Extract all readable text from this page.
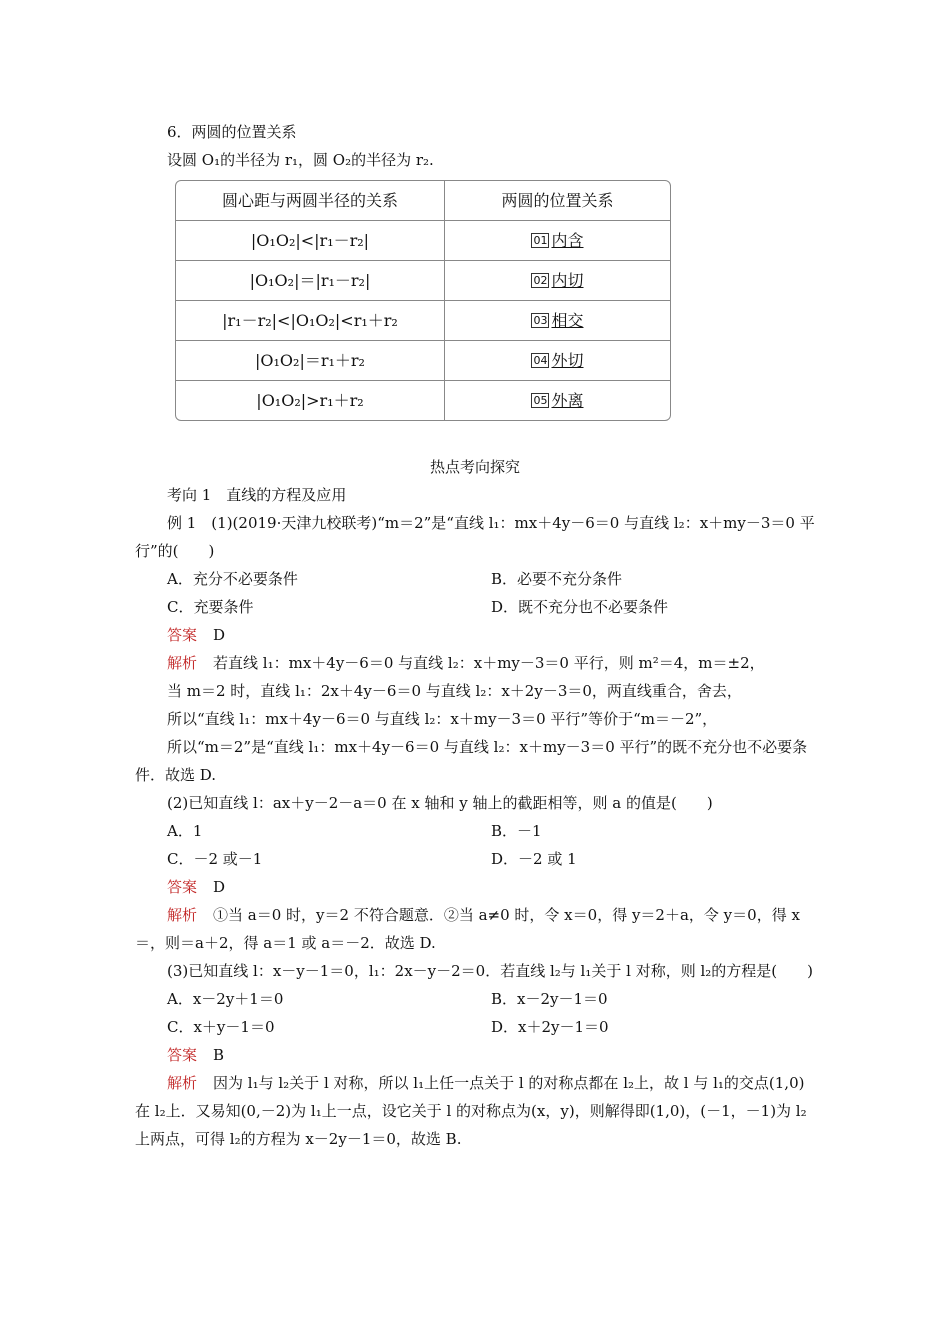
6．两圆的位置关系

设圆 O₁的半径为 r₁，圆 O₂的半径为 r₂.

圆心距与两圆半径的关系	两圆的位置关系
|O₁O₂|<|r₁－r₂|	01 内含
|O₁O₂|＝|r₁－r₂|	02 内切
|r₁－r₂|<|O₁O₂|<r₁＋r₂	03 相交
|O₁O₂|＝r₁＋r₂	04 外切
|O₁O₂|>r₁＋r₂	05 外离

热点考向探究

考向 1　直线的方程及应用

例 1　(1)(2019·天津九校联考)“m＝2”是“直线 l₁：mx＋4y－6＝0 与直线 l₂：x＋my－3＝0 平行”的(　　)

A．充分不必要条件	B．必要不充分条件
C．充要条件	D．既不充分也不必要条件

答案 D

解析 若直线 l₁：mx＋4y－6＝0 与直线 l₂：x＋my－3＝0 平行，则 m²＝4，m＝±2，

当 m＝2 时，直线 l₁：2x＋4y－6＝0 与直线 l₂：x＋2y－3＝0，两直线重合，舍去，

所以“直线 l₁：mx＋4y－6＝0 与直线 l₂：x＋my－3＝0 平行”等价于“m＝－2”，

所以“m＝2”是“直线 l₁：mx＋4y－6＝0 与直线 l₂：x＋my－3＝0 平行”的既不充分也不必要条件．故选 D.

(2)已知直线 l：ax＋y－2－a＝0 在 x 轴和 y 轴上的截距相等，则 a 的值是(　　)

A．1	B．－1
C．－2 或－1	D．－2 或 1

答案 D

解析 ①当 a＝0 时，y＝2 不符合题意．②当 a≠0 时，令 x＝0，得 y＝2＋a，令 y＝0，得 x＝，则＝a＋2，得 a＝1 或 a＝－2．故选 D.

(3)已知直线 l：x－y－1＝0，l₁：2x－y－2＝0．若直线 l₂与 l₁关于 l 对称，则 l₂的方程是(　　)

A．x－2y＋1＝0	B．x－2y－1＝0
C．x＋y－1＝0	D．x＋2y－1＝0

答案 B

解析 因为 l₁与 l₂关于 l 对称，所以 l₁上任一点关于 l 的对称点都在 l₂上，故 l 与 l₁的交点(1,0)在 l₂上．又易知(0,－2)为 l₁上一点，设它关于 l 的对称点为(x，y)，则解得即(1,0)，(－1，－1)为 l₂上两点，可得 l₂的方程为 x－2y－1＝0，故选 B.
